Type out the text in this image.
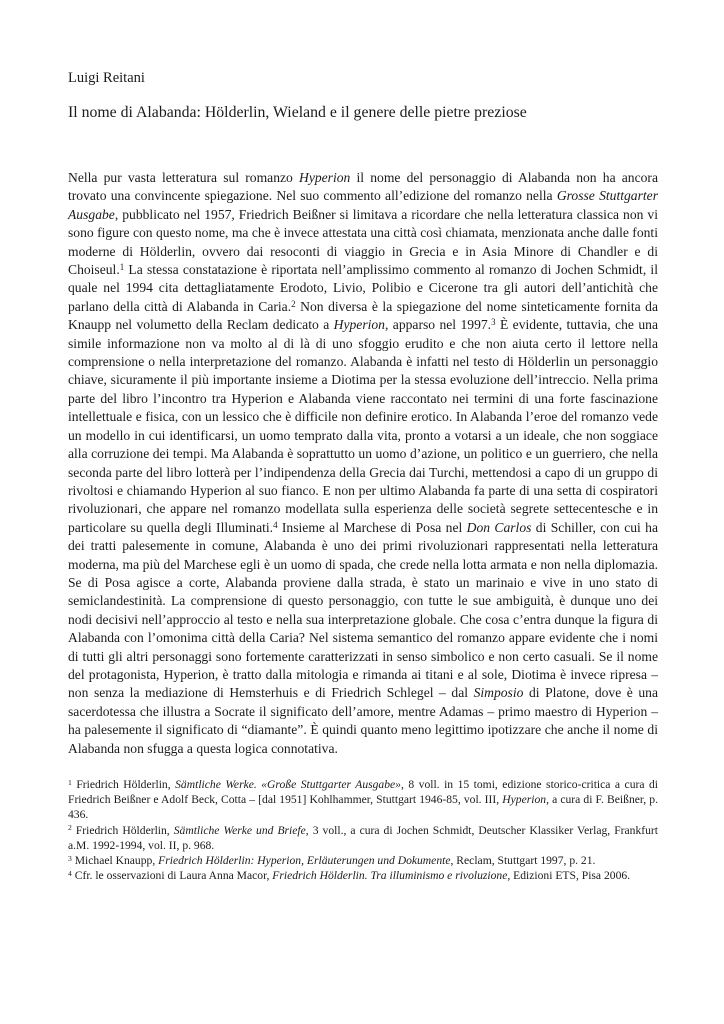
Luigi Reitani

Il nome di Alabanda: Hölderlin, Wieland e il genere delle pietre preziose

Nella pur vasta letteratura sul romanzo Hyperion il nome del personaggio di Alabanda non ha ancora trovato una convincente spiegazione. Nel suo commento all’edizione del romanzo nella Grosse Stuttgarter Ausgabe, pubblicato nel 1957, Friedrich Beißner si limitava a ricordare che nella letteratura classica non vi sono figure con questo nome, ma che è invece attestata una città così chiamata, menzionata anche dalle fonti moderne di Hölderlin, ovvero dai resoconti di viaggio in Grecia e in Asia Minore di Chandler e di Choiseul.$^1$ La stessa constatazione è riportata nell’amplissimo commento al romanzo di Jochen Schmidt, il quale nel 1994 cita dettagliatamente Erodoto, Livio, Polibio e Cicerone tra gli autori dell’antichità che parlano della città di Alabanda in Caria.$^2$ Non diversa è la spiegazione del nome sinteticamente fornita da Knaupp nel volumetto della Reclam dedicato a Hyperion, apparso nel 1997.$^3$ È evidente, tuttavia, che una simile informazione non va molto al di là di uno sfoggio erudito e che non aiuta certo il lettore nella comprensione o nella interpretazione del romanzo. Alabanda è infatti nel testo di Hölderlin un personaggio chiave, sicuramente il più importante insieme a Diotima per la stessa evoluzione dell’intreccio. Nella prima parte del libro l’incontro tra Hyperion e Alabanda viene raccontato nei termini di una forte fascinazione intellettuale e fisica, con un lessico che è difficile non definire erotico. In Alabanda l’eroe del romanzo vede un modello in cui identificarsi, un uomo temprato dalla vita, pronto a votarsi a un ideale, che non soggiace alla corruzione dei tempi. Ma Alabanda è soprattutto un uomo d’azione, un politico e un guerriero, che nella seconda parte del libro lotterà per l’indipendenza della Grecia dai Turchi, mettendosi a capo di un gruppo di rivoltosi e chiamando Hyperion al suo fianco. E non per ultimo Alabanda fa parte di una setta di cospiratori rivoluzionari, che appare nel romanzo modellata sulla esperienza delle società segrete settecentesche e in particolare su quella degli Illuminati.$^4$ Insieme al Marchese di Posa nel Don Carlos di Schiller, con cui ha dei tratti palesemente in comune, Alabanda è uno dei primi rivoluzionari rappresentati nella letteratura moderna, ma più del Marchese egli è un uomo di spada, che crede nella lotta armata e non nella diplomazia. Se di Posa agisce a corte, Alabanda proviene dalla strada, è stato un marinaio e vive in uno stato di semiclandestinità. La comprensione di questo personaggio, con tutte le sue ambiguità, è dunque uno dei nodi decisivi nell’approccio al testo e nella sua interpretazione globale. Che cosa c’entra dunque la figura di Alabanda con l’omonima città della Caria? Nel sistema semantico del romanzo appare evidente che i nomi di tutti gli altri personaggi sono fortemente caratterizzati in senso simbolico e non certo casuali. Se il nome del protagonista, Hyperion, è tratto dalla mitologia e rimanda ai titani e al sole, Diotima è invece ripresa – non senza la mediazione di Hemsterhuis e di Friedrich Schlegel – dal Simposio di Platone, dove è una sacerdotessa che illustra a Socrate il significato dell’amore, mentre Adamas – primo maestro di Hyperion – ha palesemente il significato di “diamante”. È quindi quanto meno legittimo ipotizzare che anche il nome di Alabanda non sfugga a questa logica connotativa.

$^1$ Friedrich Hölderlin, Sämtliche Werke. «Große Stuttgarter Ausgabe», 8 voll. in 15 tomi, edizione storico-critica a cura di Friedrich Beißner e Adolf Beck, Cotta – [dal 1951] Kohlhammer, Stuttgart 1946-85, vol. III, Hyperion, a cura di F. Beißner, p. 436.

$^2$ Friedrich Hölderlin, Sämtliche Werke und Briefe, 3 voll., a cura di Jochen Schmidt, Deutscher Klassiker Verlag, Frankfurt a.M. 1992-1994, vol. II, p. 968.

$^3$ Michael Knaupp, Friedrich Hölderlin: Hyperion, Erläuterungen und Dokumente, Reclam, Stuttgart 1997, p. 21.

$^4$ Cfr. le osservazioni di Laura Anna Macor, Friedrich Hölderlin. Tra illuminismo e rivoluzione, Edizioni ETS, Pisa 2006.
